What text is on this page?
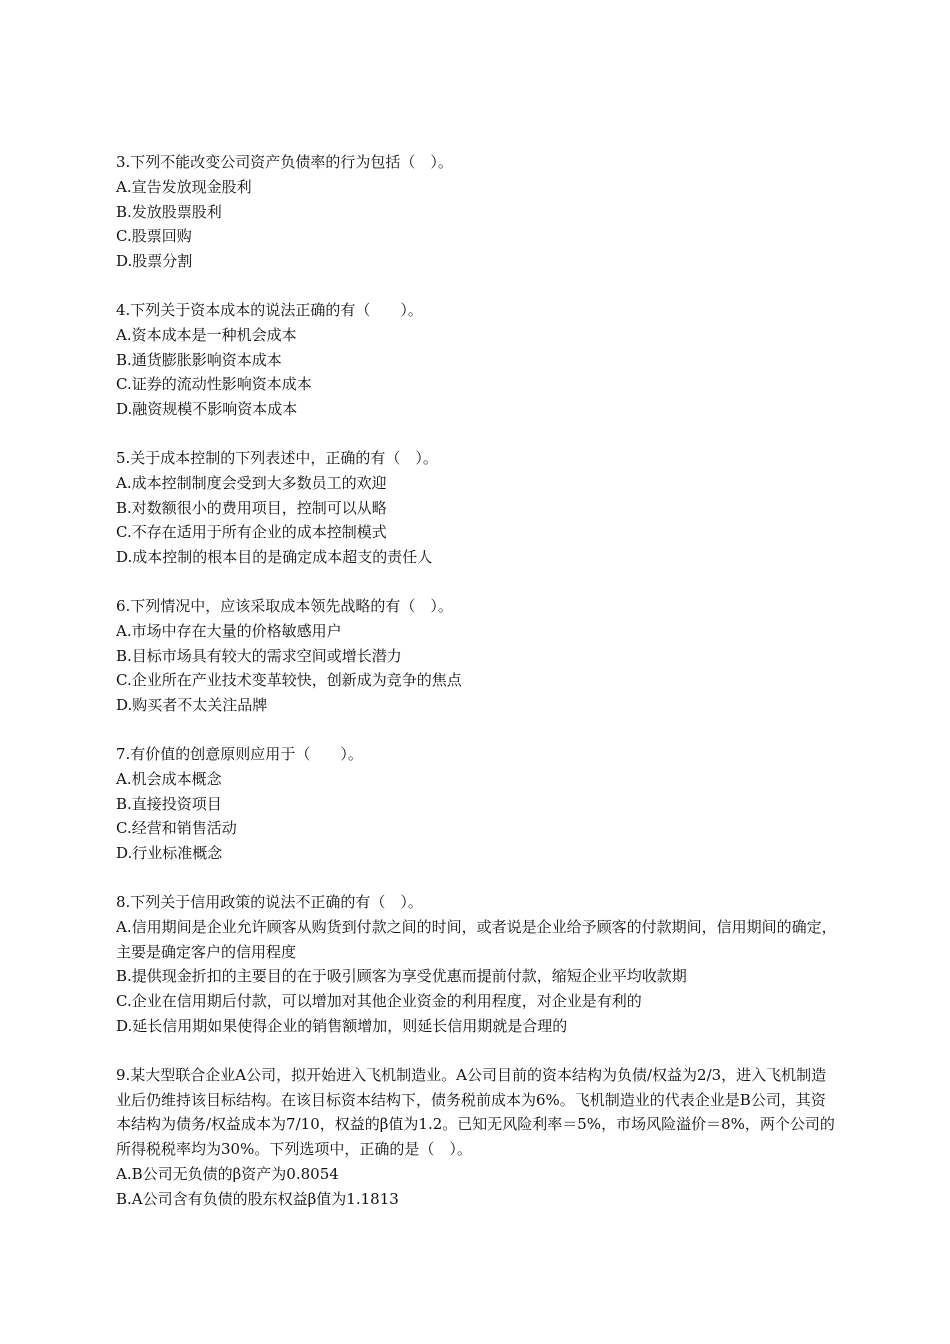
3.下列不能改变公司资产负债率的行为包括（　）。
A.宣告发放现金股利
B.发放股票股利
C.股票回购
D.股票分割
4.下列关于资本成本的说法正确的有（　　）。
A.资本成本是一种机会成本
B.通货膨胀影响资本成本
C.证券的流动性影响资本成本
D.融资规模不影响资本成本
5.关于成本控制的下列表述中，正确的有（　）。
A.成本控制制度会受到大多数员工的欢迎
B.对数额很小的费用项目，控制可以从略
C.不存在适用于所有企业的成本控制模式
D.成本控制的根本目的是确定成本超支的责任人
6.下列情况中，应该采取成本领先战略的有（　）。
A.市场中存在大量的价格敏感用户
B.目标市场具有较大的需求空间或增长潜力
C.企业所在产业技术变革较快，创新成为竞争的焦点
D.购买者不太关注品牌
7.有价值的创意原则应用于（　　）。
A.机会成本概念
B.直接投资项目
C.经营和销售活动
D.行业标准概念
8.下列关于信用政策的说法不正确的有（　）。
A.信用期间是企业允许顾客从购货到付款之间的时间，或者说是企业给予顾客的付款期间，信用期间的确定，主要是确定客户的信用程度
B.提供现金折扣的主要目的在于吸引顾客为享受优惠而提前付款，缩短企业平均收款期
C.企业在信用期后付款，可以增加对其他企业资金的利用程度，对企业是有利的
D.延长信用期如果使得企业的销售额增加，则延长信用期就是合理的
9.某大型联合企业A公司，拟开始进入飞机制造业。A公司目前的资本结构为负债/权益为2/3，进入飞机制造业后仍维持该目标结构。在该目标资本结构下，债务税前成本为6%。飞机制造业的代表企业是B公司，其资本结构为债务/权益成本为7/10，权益的β值为1.2。已知无风险利率＝5%，市场风险溢价＝8%，两个公司的所得税税率均为30%。下列选项中，正确的是（　）。
A.B公司无负债的β资产为0.8054
B.A公司含有负债的股东权益β值为1.1813
